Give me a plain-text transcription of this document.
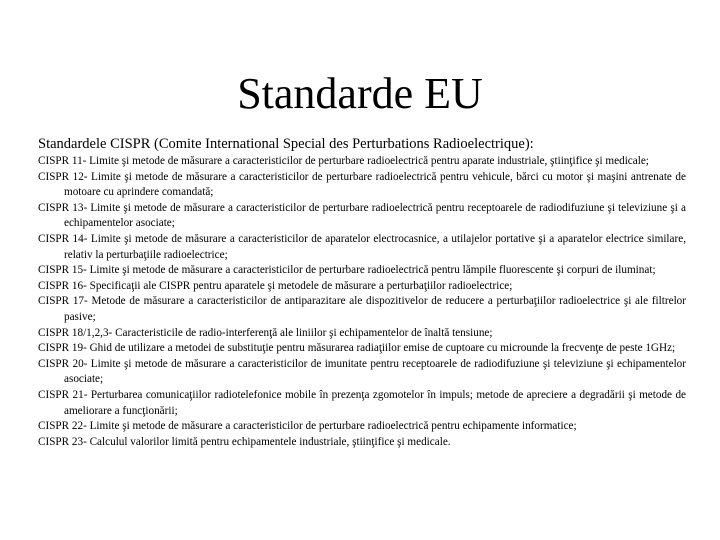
Standarde EU

Standardele CISPR (Comite International Special des Perturbations Radioelectrique):

CISPR 11- Limite şi metode de măsurare a caracteristicilor de perturbare radioelectrică pentru aparate industriale, ştiinţifice şi medicale;
CISPR 12- Limite şi metode de măsurare a caracteristicilor de perturbare radioelectrică pentru vehicule, bărci cu motor şi maşini antrenate de motoare cu aprindere comandată;
CISPR 13- Limite şi metode de măsurare a caracteristicilor de perturbare radioelectrică pentru receptoarele de radiodifuziune şi televiziune şi a echipamentelor asociate;
CISPR 14- Limite şi metode de măsurare a caracteristicilor de aparatelor electrocasnice, a utilajelor portative şi a aparatelor electrice similare, relativ la perturbaţiile radioelectrice;
CISPR 15- Limite şi metode de măsurare a caracteristicilor de perturbare radioelectrică pentru lămpile fluorescente şi corpuri de iluminat;
CISPR 16- Specificaţii ale CISPR pentru aparatele şi metodele de măsurare a perturbaţiilor radioelectrice;
CISPR 17- Metode de măsurare a caracteristicilor de antiparazitare ale dispozitivelor de reducere a perturbaţiilor radioelectrice şi ale filtrelor pasive;
CISPR 18/1,2,3- Caracteristicile de radio-interferenţă ale liniilor şi echipamentelor de înaltă tensiune;
CISPR 19- Ghid de utilizare a metodei de substituţie pentru măsurarea radiaţiilor emise de cuptoare cu microunde la frecvenţe de peste 1GHz;
CISPR 20- Limite şi metode de măsurare a caracteristicilor de imunitate pentru receptoarele de radiodifuziune şi televiziune şi echipamentelor asociate;
CISPR 21- Perturbarea comunicaţiilor radiotelefonice mobile în prezenţa zgomotelor în impuls; metode de apreciere a degradării şi metode de ameliorare a funcţionării;
CISPR 22- Limite şi metode de măsurare a caracteristicilor de perturbare radioelectrică pentru echipamente informatice;
CISPR 23- Calculul valorilor limită pentru echipamentele industriale, ştiinţifice şi medicale.
